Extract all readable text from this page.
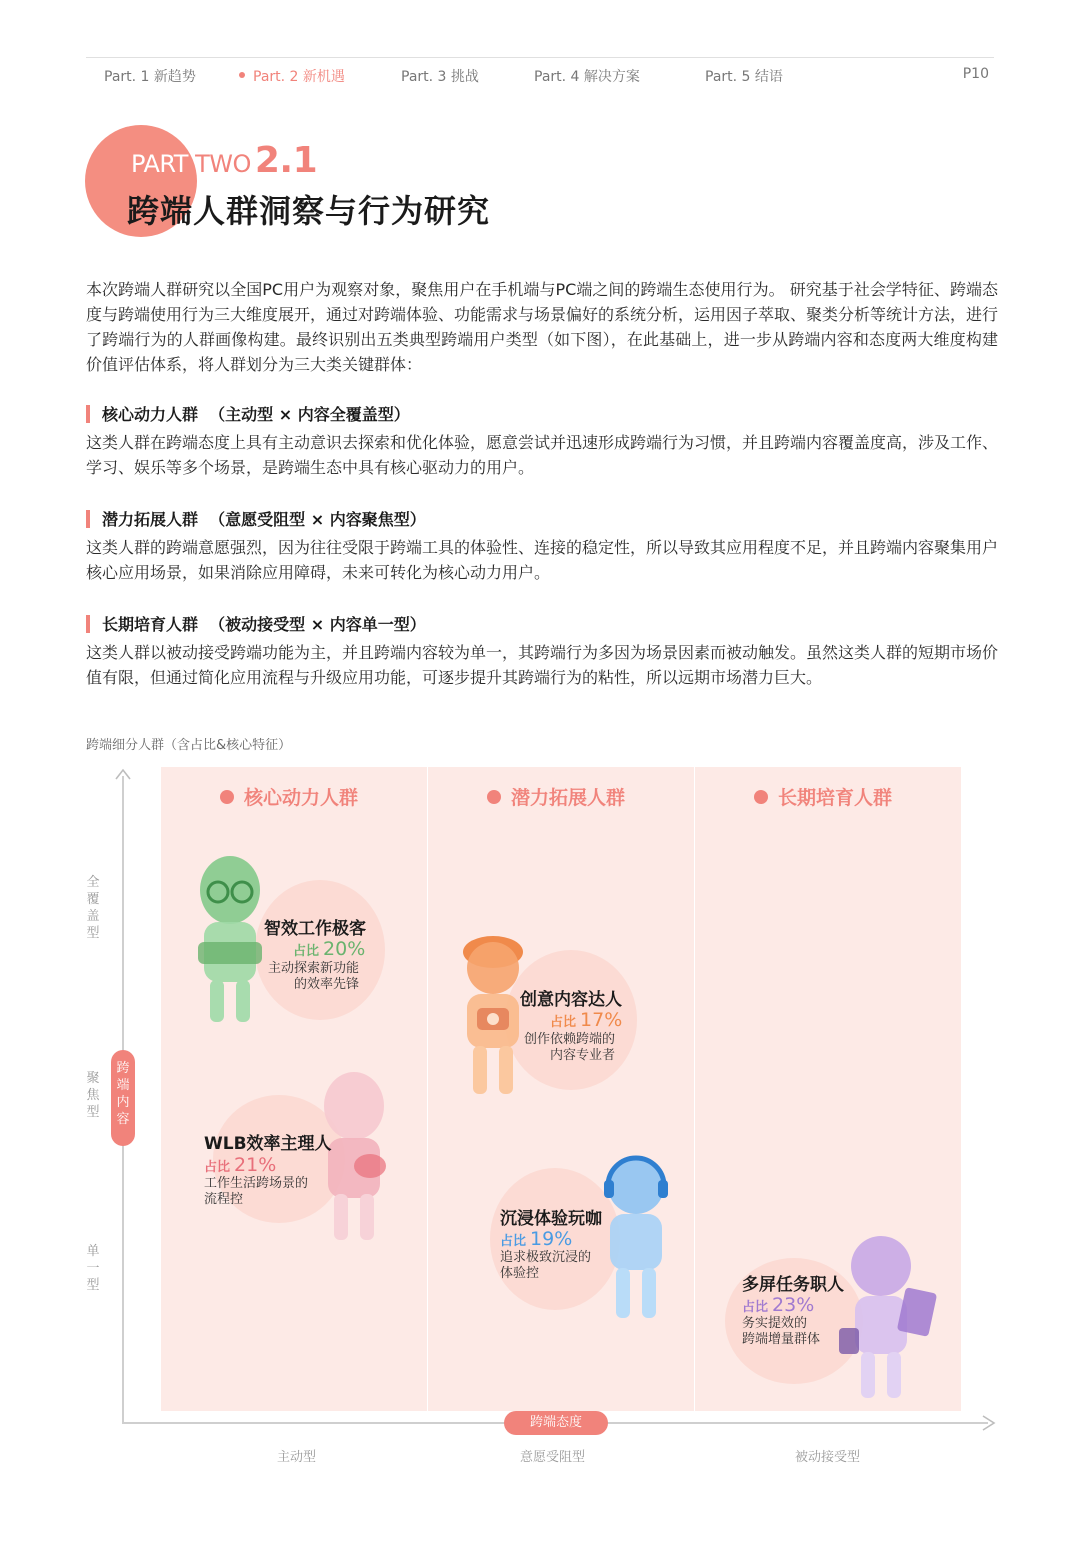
Part. 1 新趋势	Part. 2 新机遇	Part. 3 挑战	Part. 4 解决方案	Part. 5 结语	P10
PART TWO 2.1
跨端人群洞察与行为研究
本次跨端人群研究以全国PC用户为观察对象，聚焦用户在手机端与PC端之间的跨端生态使用行为。 研究基于社会学特征、跨端态度与跨端使用行为三大维度展开，通过对跨端体验、功能需求与场景偏好的系统分析，运用因子萃取、聚类分析等统计方法，进行了跨端行为的人群画像构建。最终识别出五类典型跨端用户类型（如下图），在此基础上，进一步从跨端内容和态度两大维度构建价值评估体系，将人群划分为三大类关键群体：
核心动力人群 （主动型 × 内容全覆盖型）
这类人群在跨端态度上具有主动意识去探索和优化体验，愿意尝试并迅速形成跨端行为习惯，并且跨端内容覆盖度高，涉及工作、学习、娱乐等多个场景，是跨端生态中具有核心驱动力的用户。
潜力拓展人群 （意愿受阻型 × 内容聚焦型）
这类人群的跨端意愿强烈，因为往往受限于跨端工具的体验性、连接的稳定性，所以导致其应用程度不足，并且跨端内容聚集用户核心应用场景，如果消除应用障碍，未来可转化为核心动力用户。
长期培育人群 （被动接受型 × 内容单一型）
这类人群以被动接受跨端功能为主，并且跨端内容较为单一，其跨端行为多因为场景因素而被动触发。虽然这类人群的短期市场价值有限，但通过简化应用流程与升级应用功能，可逐步提升其跨端行为的粘性，所以远期市场潜力巨大。
跨端细分人群（含占比&核心特征）
核心动力人群	潜力拓展人群	长期培育人群
全
覆
盖
型
聚
焦
型
单
一
型
跨
端
内
容
跨端态度
主动型	意愿受阻型	被动接受型
智效工作极客
占比 20%
主动探索新功能
的效率先锋
创意内容达人
占比 17%
创作依赖跨端的
内容专业者
WLB效率主理人
占比 21%
工作生活跨场景的
流程控
沉浸体验玩咖
占比 19%
追求极致沉浸的
体验控
多屏任务职人
占比 23%
务实提效的
跨端增量群体
